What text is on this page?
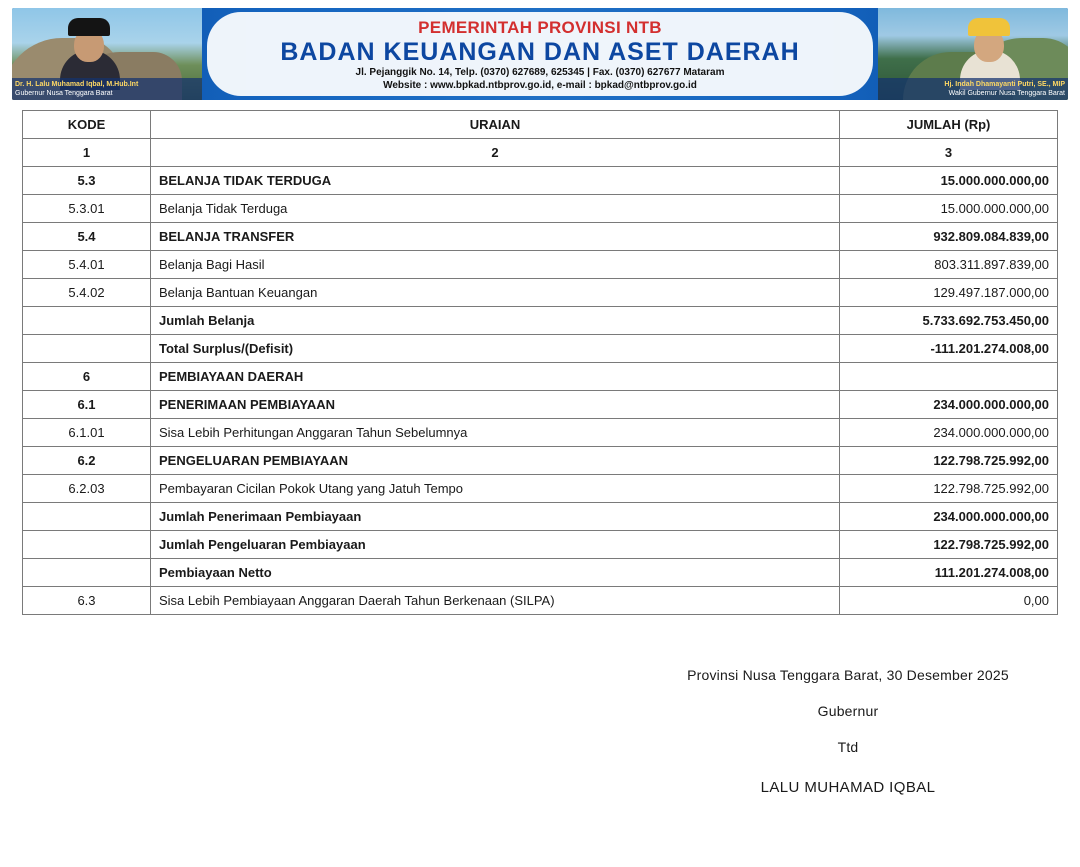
Dr. H. Lalu Muhamad Iqbal, M.Hub.Int
Gubernur Nusa Tenggara Barat
PEMERINTAH PROVINSI NTB
BADAN KEUANGAN DAN ASET DAERAH
Jl. Pejanggik No. 14, Telp. (0370) 627689, 625345 | Fax. (0370) 627677 Mataram
Website : www.bpkad.ntbprov.go.id, e-mail : bpkad@ntbprov.go.id	Hj. Indah Dhamayanti Putri, SE., MIP
Wakil Gubernur Nusa Tenggara Barat
KODE	URAIAN	JUMLAH (Rp)
1	2	3
5.3	BELANJA TIDAK TERDUGA	15.000.000.000,00
5.3.01	Belanja Tidak Terduga	15.000.000.000,00
5.4	BELANJA TRANSFER	932.809.084.839,00
5.4.01	Belanja Bagi Hasil	803.311.897.839,00
5.4.02	Belanja Bantuan Keuangan	129.497.187.000,00
	Jumlah Belanja	5.733.692.753.450,00
	Total Surplus/(Defisit)	-111.201.274.008,00
6	PEMBIAYAAN DAERAH	
6.1	PENERIMAAN PEMBIAYAAN	234.000.000.000,00
6.1.01	Sisa Lebih Perhitungan Anggaran Tahun Sebelumnya	234.000.000.000,00
6.2	PENGELUARAN PEMBIAYAAN	122.798.725.992,00
6.2.03	Pembayaran Cicilan Pokok Utang yang Jatuh Tempo	122.798.725.992,00
	Jumlah Penerimaan Pembiayaan	234.000.000.000,00
	Jumlah Pengeluaran Pembiayaan	122.798.725.992,00
	Pembiayaan Netto	111.201.274.008,00
6.3	Sisa Lebih Pembiayaan Anggaran Daerah Tahun Berkenaan (SILPA)	0,00
Provinsi Nusa Tenggara Barat, 30 Desember 2025
Gubernur
Ttd
LALU MUHAMAD IQBAL
